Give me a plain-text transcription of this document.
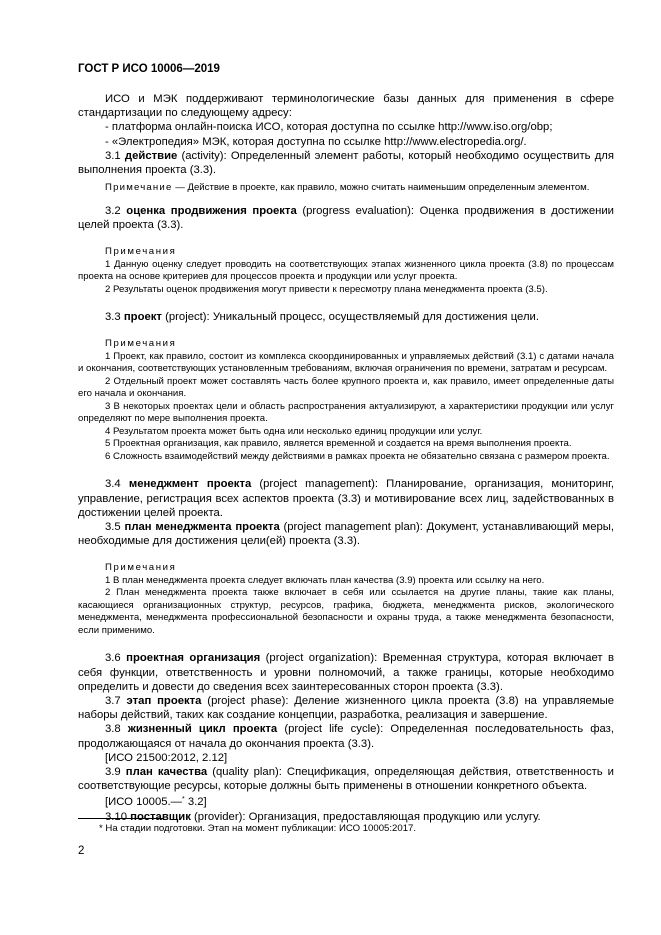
ГОСТ Р ИСО 10006—2019

ИСО и МЭК поддерживают терминологические базы данных для применения в сфере стандартизации по следующему адресу:

- платформа онлайн-поиска ИСО, которая доступна по ссылке http://www.iso.org/obp;

- «Электропедия» МЭК, которая доступна по ссылке http://www.electropedia.org/.

3.1 действие (activity): Определенный элемент работы, который необходимо осуществить для выполнения проекта (3.3).

Примечание — Действие в проекте, как правило, можно считать наименьшим определенным элементом.

3.2 оценка продвижения проекта (progress evaluation): Оценка продвижения в достижении целей проекта (3.3).

Примечания

1 Данную оценку следует проводить на соответствующих этапах жизненного цикла проекта (3.8) по процессам проекта на основе критериев для процессов проекта и продукции или услуг проекта.

2 Результаты оценок продвижения могут привести к пересмотру плана менеджмента проекта (3.5).

3.3 проект (project): Уникальный процесс, осуществляемый для достижения цели.

Примечания

1 Проект, как правило, состоит из комплекса скоординированных и управляемых действий (3.1) с датами начала и окончания, соответствующих установленным требованиям, включая ограничения по времени, затратам и ресурсам.

2 Отдельный проект может составлять часть более крупного проекта и, как правило, имеет определенные даты его начала и окончания.

3 В некоторых проектах цели и область распространения актуализируют, а характеристики продукции или услуг определяют по мере выполнения проекта.

4 Результатом проекта может быть одна или несколько единиц продукции или услуг.

5 Проектная организация, как правило, является временной и создается на время выполнения проекта.

6 Сложность взаимодействий между действиями в рамках проекта не обязательно связана с размером проекта.

3.4 менеджмент проекта (project management): Планирование, организация, мониторинг, управление, регистрация всех аспектов проекта (3.3) и мотивирование всех лиц, задействованных в достижении целей проекта.

3.5 план менеджмента проекта (project management plan): Документ, устанавливающий меры, необходимые для достижения цели(ей) проекта (3.3).

Примечания

1 В план менеджмента проекта следует включать план качества (3.9) проекта или ссылку на него.

2 План менеджмента проекта также включает в себя или ссылается на другие планы, такие как планы, касающиеся организационных структур, ресурсов, графика, бюджета, менеджмента рисков, экологического менеджмента, менеджмента профессиональной безопасности и охраны труда, а также менеджмента безопасности, если применимо.

3.6 проектная организация (project organization): Временная структура, которая включает в себя функции, ответственность и уровни полномочий, а также границы, которые необходимо определить и довести до сведения всех заинтересованных сторон проекта (3.3).

3.7 этап проекта (project phase): Деление жизненного цикла проекта (3.8) на управляемые наборы действий, таких как создание концепции, разработка, реализация и завершение.

3.8 жизненный цикл проекта (project life cycle): Определенная последовательность фаз, продолжающаяся от начала до окончания проекта (3.3).

[ИСО 21500:2012, 2.12]

3.9 план качества (quality plan): Спецификация, определяющая действия, ответственность и соответствующие ресурсы, которые должны быть применены в отношении конкретного объекта.

[ИСО 10005.—* 3.2]

3.10 поставщик (provider): Организация, предоставляющая продукцию или услугу.

* На стадии подготовки. Этап на момент публикации: ИСО 10005:2017.
2
